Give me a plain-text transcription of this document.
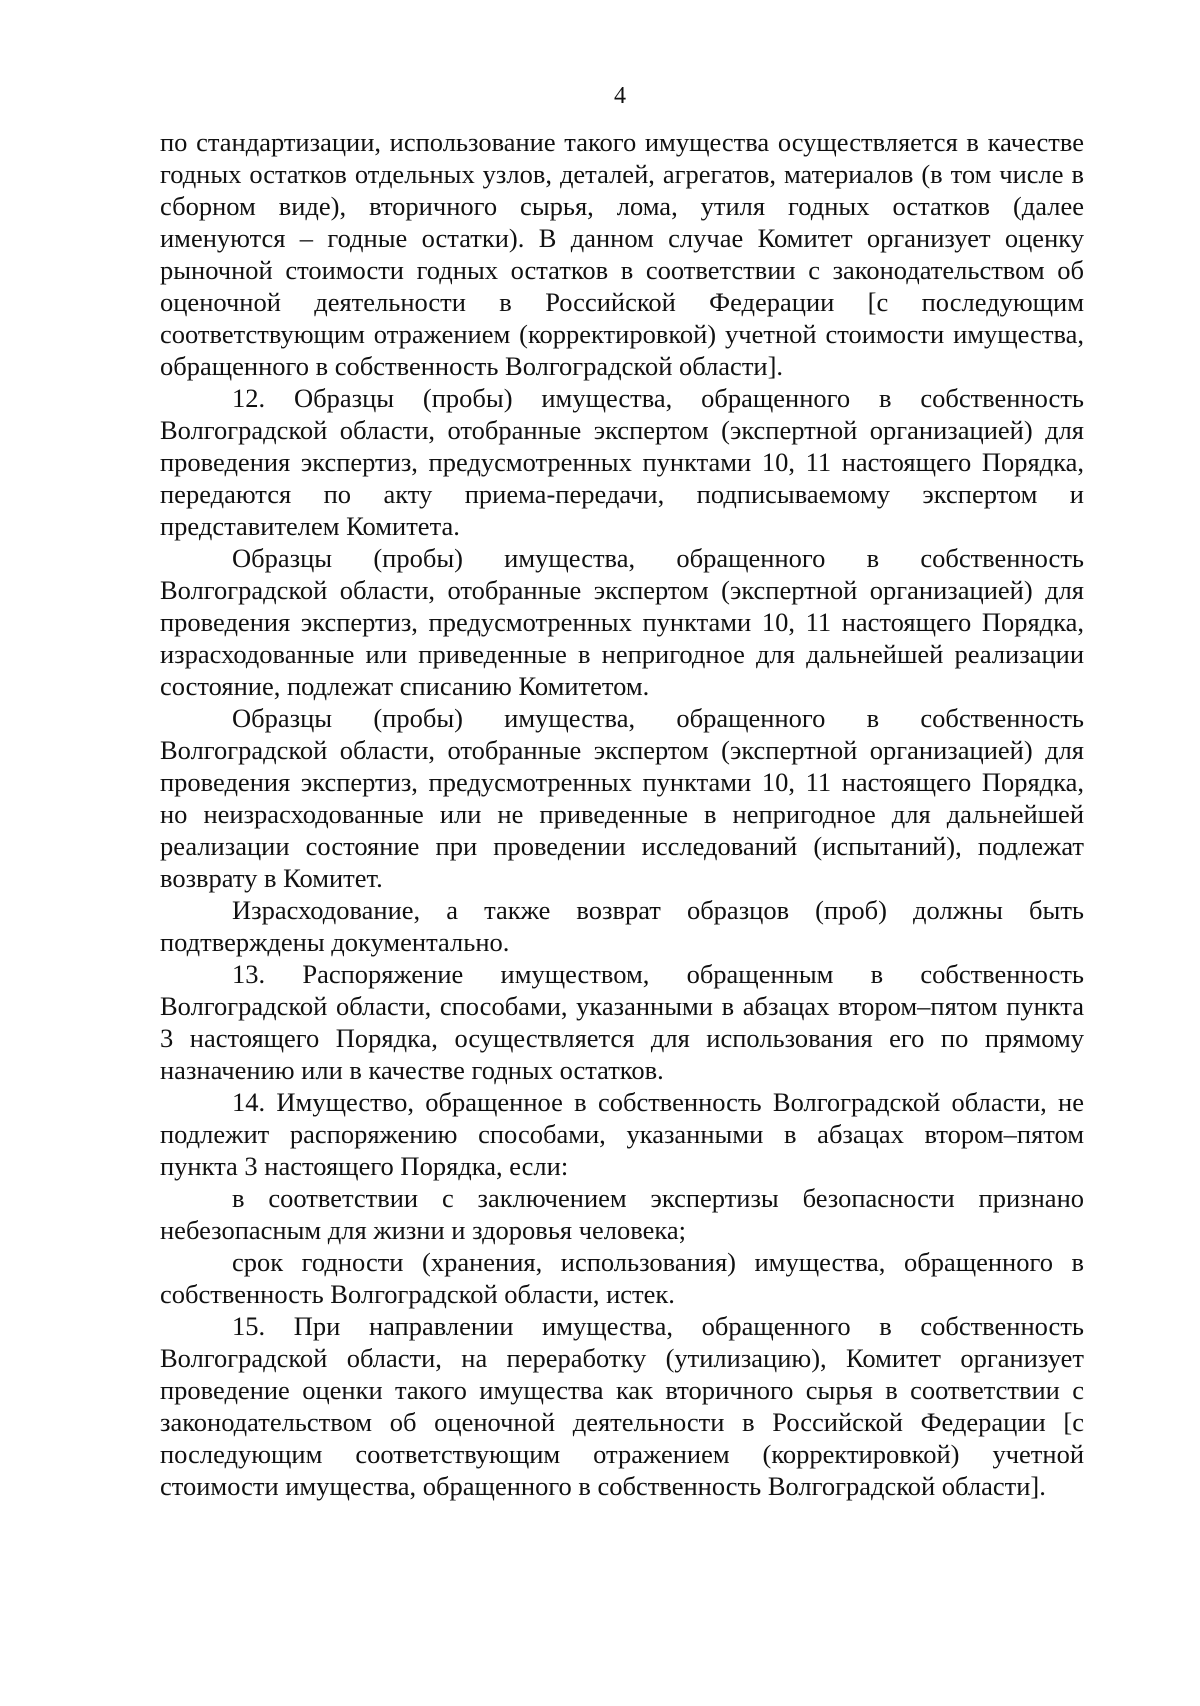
4

по стандартизации, использование такого имущества осуществляется в качестве годных остатков отдельных узлов, деталей, агрегатов, материалов (в том числе в сборном виде), вторичного сырья, лома, утиля годных остатков (далее именуются – годные остатки). В данном случае Комитет организует оценку рыночной стоимости годных остатков в соответствии с законодательством об оценочной деятельности в Российской Федерации [с последующим соответствующим отражением (корректировкой) учетной стоимости имущества, обращенного в собственность Волгоградской области].

12. Образцы (пробы) имущества, обращенного в собственность Волгоградской области, отобранные экспертом (экспертной организацией) для проведения экспертиз, предусмотренных пунктами 10, 11 настоящего Порядка, передаются по акту приема-передачи, подписываемому экспертом и представителем Комитета.

Образцы (пробы) имущества, обращенного в собственность Волгоградской области, отобранные экспертом (экспертной организацией) для проведения экспертиз, предусмотренных пунктами 10, 11 настоящего Порядка, израсходованные или приведенные в непригодное для дальнейшей реализации состояние, подлежат списанию Комитетом.

Образцы (пробы) имущества, обращенного в собственность Волгоградской области, отобранные экспертом (экспертной организацией) для проведения экспертиз, предусмотренных пунктами 10, 11 настоящего Порядка, но неизрасходованные или не приведенные в непригодное для дальнейшей реализации состояние при проведении исследований (испытаний), подлежат возврату в Комитет.

Израсходование, а также возврат образцов (проб) должны быть подтверждены документально.

13. Распоряжение имуществом, обращенным в собственность Волгоградской области, способами, указанными в абзацах втором–пятом пункта 3 настоящего Порядка, осуществляется для использования его по прямому назначению или в качестве годных остатков.

14. Имущество, обращенное в собственность Волгоградской области, не подлежит распоряжению способами, указанными в абзацах втором–пятом пункта 3 настоящего Порядка, если:

в соответствии с заключением экспертизы безопасности признано небезопасным для жизни и здоровья человека;

срок годности (хранения, использования) имущества, обращенного в собственность Волгоградской области, истек.

15. При направлении имущества, обращенного в собственность Волгоградской области, на переработку (утилизацию), Комитет организует проведение оценки такого имущества как вторичного сырья в соответствии с законодательством об оценочной деятельности в Российской Федерации [с последующим соответствующим отражением (корректировкой) учетной стоимости имущества, обращенного в собственность Волгоградской области].
